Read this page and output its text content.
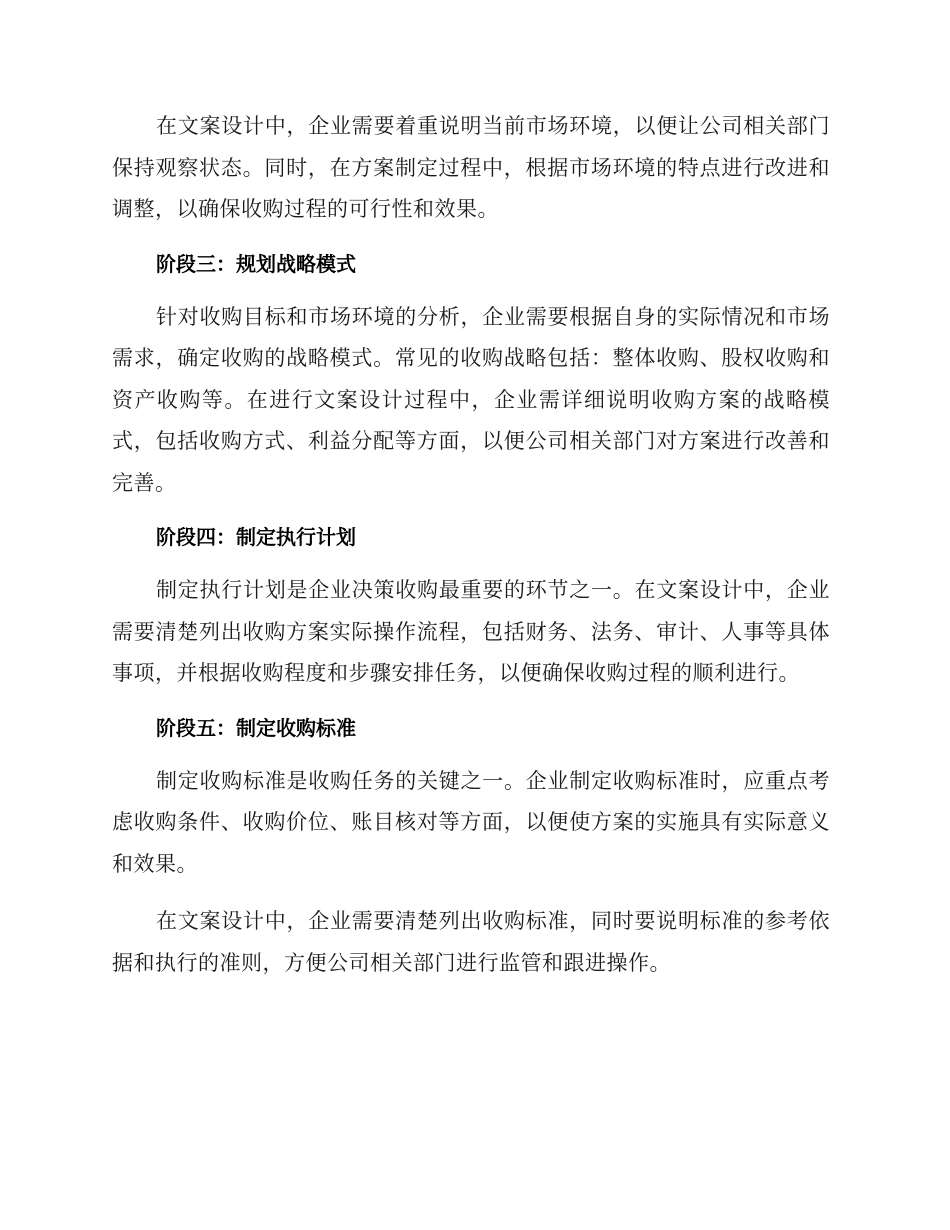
在文案设计中，企业需要着重说明当前市场环境，以便让公司相关部门保持观察状态。同时，在方案制定过程中，根据市场环境的特点进行改进和调整，以确保收购过程的可行性和效果。

阶段三：规划战略模式

针对收购目标和市场环境的分析，企业需要根据自身的实际情况和市场需求，确定收购的战略模式。常见的收购战略包括：整体收购、股权收购和资产收购等。在进行文案设计过程中，企业需详细说明收购方案的战略模式，包括收购方式、利益分配等方面，以便公司相关部门对方案进行改善和完善。

阶段四：制定执行计划

制定执行计划是企业决策收购最重要的环节之一。在文案设计中，企业需要清楚列出收购方案实际操作流程，包括财务、法务、审计、人事等具体事项，并根据收购程度和步骤安排任务，以便确保收购过程的顺利进行。

阶段五：制定收购标准

制定收购标准是收购任务的关键之一。企业制定收购标准时，应重点考虑收购条件、收购价位、账目核对等方面，以便使方案的实施具有实际意义和效果。

在文案设计中，企业需要清楚列出收购标准，同时要说明标准的参考依据和执行的准则，方便公司相关部门进行监管和跟进操作。
